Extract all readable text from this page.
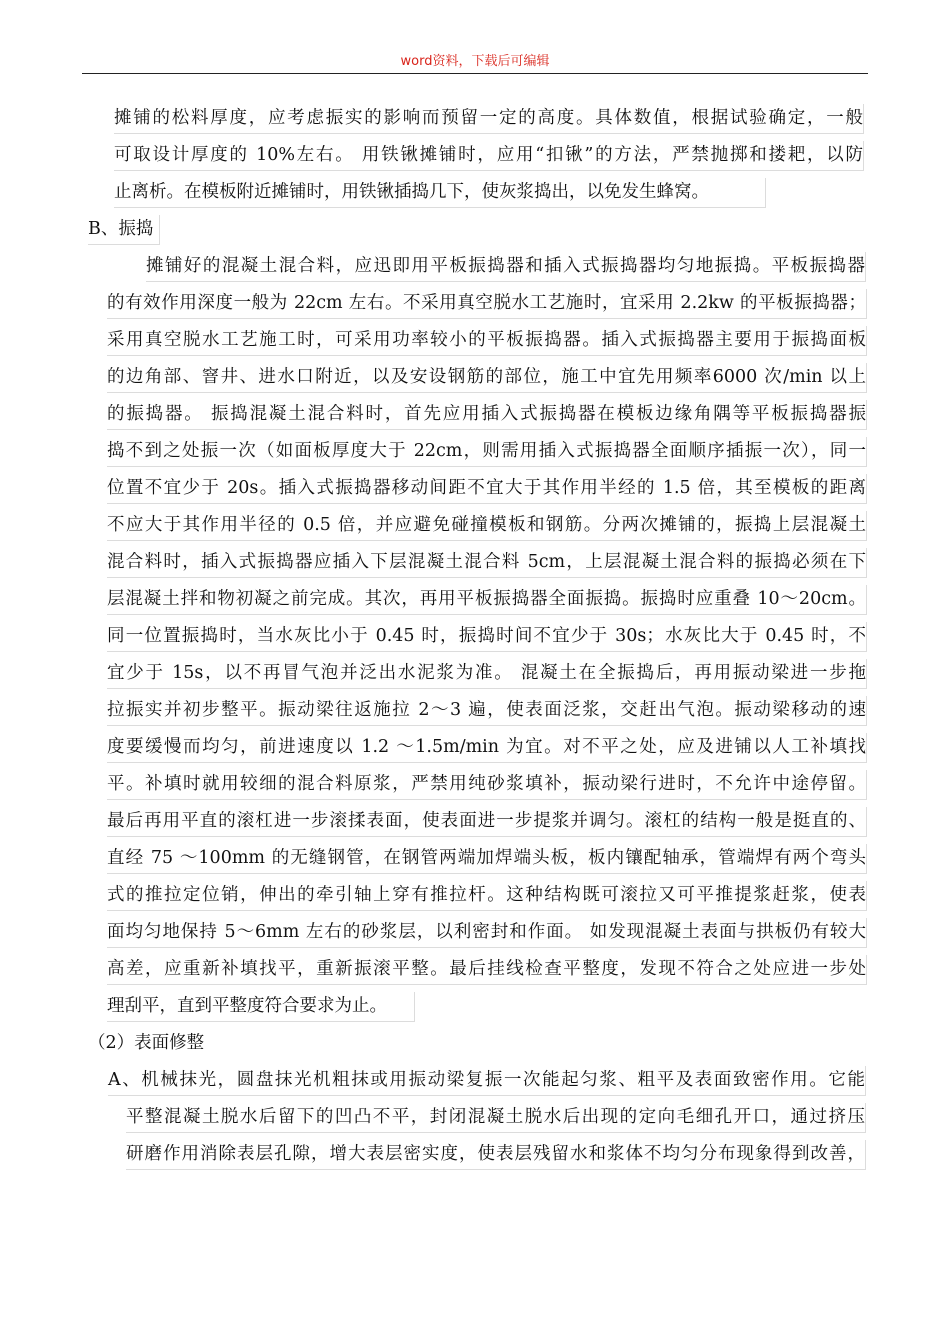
word资料，下载后可编辑
摊铺的松料厚度，应考虑振实的影响而预留一定的高度。具体数值，根据试验确定，一般
可取设计厚度的 10%左右。 用铁锹摊铺时，应用“扣锹”的方法，严禁抛掷和搂耙，以防
止离析。在模板附近摊铺时，用铁锹插捣几下，使灰浆捣出，以免发生蜂窝。
B、振捣
摊铺好的混凝土混合料，应迅即用平板振捣器和插入式振捣器均匀地振捣。平板振捣器
的有效作用深度一般为 22cm 左右。不采用真空脱水工艺施时，宜采用 2.2kw 的平板振捣器；
采用真空脱水工艺施工时，可采用功率较小的平板振捣器。插入式振捣器主要用于振捣面板
的边角部、窨井、进水口附近，以及安设钢筋的部位，施工中宜先用频率6000 次/min 以上
的振捣器。 振捣混凝土混合料时，首先应用插入式振捣器在模板边缘角隅等平板振捣器振
捣不到之处振一次（如面板厚度大于 22cm，则需用插入式振捣器全面顺序插振一次），同一
位置不宜少于 20s。插入式振捣器移动间距不宜大于其作用半经的 1.5 倍，其至模板的距离
不应大于其作用半径的 0.5 倍，并应避免碰撞模板和钢筋。分两次摊铺的，振捣上层混凝土
混合料时，插入式振捣器应插入下层混凝土混合料 5cm，上层混凝土混合料的振捣必须在下
层混凝土拌和物初凝之前完成。其次，再用平板振捣器全面振捣。振捣时应重叠 10～20cm。
同一位置振捣时，当水灰比小于 0.45 时，振捣时间不宜少于 30s；水灰比大于 0.45 时，不
宜少于 15s，以不再冒气泡并泛出水泥浆为准。 混凝土在全振捣后，再用振动梁进一步拖
拉振实并初步整平。振动梁往返施拉 2～3 遍，使表面泛浆，交赶出气泡。振动梁移动的速
度要缓慢而均匀，前进速度以 1.2 ～1.5m/min 为宜。对不平之处，应及进铺以人工补填找
平。补填时就用较细的混合料原浆，严禁用纯砂浆填补，振动梁行进时，不允许中途停留。
最后再用平直的滚杠进一步滚揉表面，使表面进一步提浆并调匀。滚杠的结构一般是挺直的、
直经 75 ～100mm 的无缝钢管，在钢管两端加焊端头板，板内镶配轴承，管端焊有两个弯头
式的推拉定位销，伸出的牵引轴上穿有推拉杆。这种结构既可滚拉又可平推提浆赶浆，使表
面均匀地保持 5～6mm 左右的砂浆层，以利密封和作面。 如发现混凝土表面与拱板仍有较大
高差，应重新补填找平，重新振滚平整。最后挂线检查平整度，发现不符合之处应进一步处
理刮平，直到平整度符合要求为止。
（2）表面修整
A、机械抹光，圆盘抹光机粗抹或用振动梁复振一次能起匀浆、粗平及表面致密作用。它能
平整混凝土脱水后留下的凹凸不平，封闭混凝土脱水后出现的定向毛细孔开口，通过挤压
研磨作用消除表层孔隙，增大表层密实度，使表层残留水和浆体不均匀分布现象得到改善，
